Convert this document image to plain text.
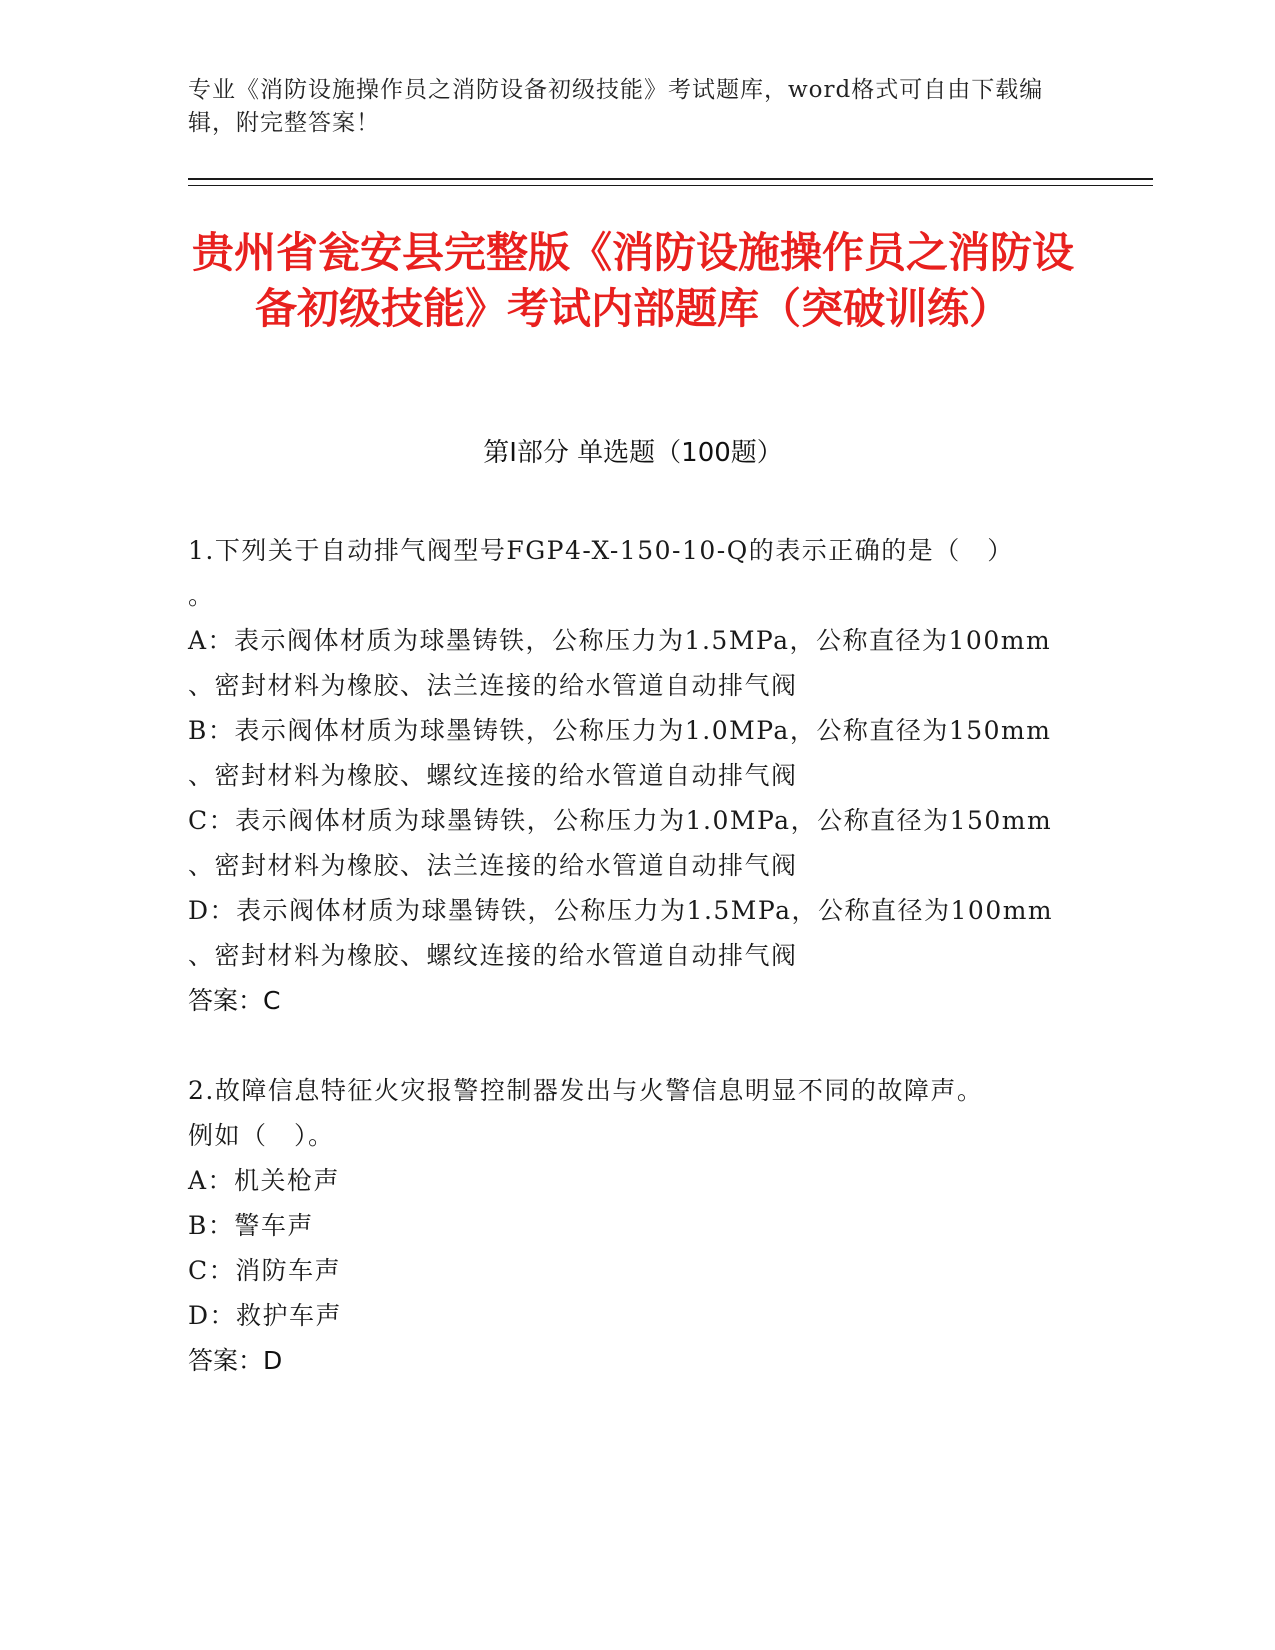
专业《消防设施操作员之消防设备初级技能》考试题库，word格式可自由下载编辑，附完整答案！
贵州省瓮安县完整版《消防设施操作员之消防设备初级技能》考试内部题库（突破训练）
第Ⅰ部分 单选题（100题）
1.下列关于自动排气阀型号FGP4-X-150-10-Q的表示正确的是（　）
。
A：表示阀体材质为球墨铸铁，公称压力为1.5MPa，公称直径为100mm
、密封材料为橡胶、法兰连接的给水管道自动排气阀
B：表示阀体材质为球墨铸铁，公称压力为1.0MPa，公称直径为150mm
、密封材料为橡胶、螺纹连接的给水管道自动排气阀
C：表示阀体材质为球墨铸铁，公称压力为1.0MPa，公称直径为150mm
、密封材料为橡胶、法兰连接的给水管道自动排气阀
D：表示阀体材质为球墨铸铁，公称压力为1.5MPa，公称直径为100mm
、密封材料为橡胶、螺纹连接的给水管道自动排气阀
答案：C
2.故障信息特征火灾报警控制器发出与火警信息明显不同的故障声。
例如（　）。
A：机关枪声
B：警车声
C：消防车声
D：救护车声
答案：D
